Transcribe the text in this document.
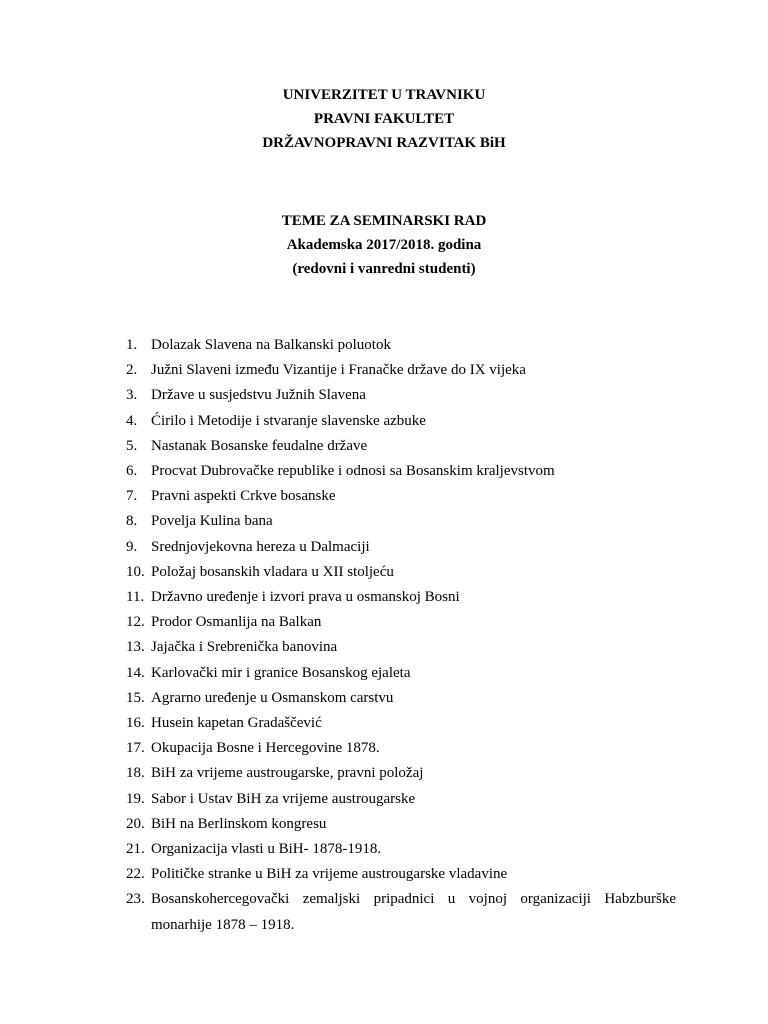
UNIVERZITET U TRAVNIKU
PRAVNI FAKULTET
DRŽAVNOPRAVNI RAZVITAK BiH
TEME ZA SEMINARSKI RAD
Akademska 2017/2018. godina
(redovni i vanredni studenti)
1. Dolazak Slavena na Balkanski poluotok
2. Južni Slaveni između Vizantije i Franačke države do IX vijeka
3. Države u susjedstvu Južnih Slavena
4. Ćirilo i Metodije i stvaranje slavenske azbuke
5. Nastanak Bosanske feudalne države
6. Procvat Dubrovačke republike i odnosi sa Bosanskim kraljevstvom
7. Pravni aspekti Crkve bosanske
8. Povelja Kulina bana
9. Srednjovjekovna hereza u Dalmaciji
10. Položaj bosanskih vladara u XII stoljeću
11. Državno uređenje i izvori prava u osmanskoj Bosni
12. Prodor Osmanlija na Balkan
13. Jajačka i Srebrenička banovina
14. Karlovački mir i granice Bosanskog ejaleta
15. Agrarno uređenje u Osmanskom carstvu
16. Husein kapetan Gradaščević
17. Okupacija Bosne i Hercegovine 1878.
18. BiH za vrijeme austrougarske, pravni položaj
19. Sabor i Ustav BiH za vrijeme austrougarske
20. BiH na Berlinskom kongresu
21. Organizacija vlasti u BiH- 1878-1918.
22. Političke stranke u BiH za vrijeme austrougarske vladavine
23. Bosanskohercegovački zemaljski pripadnici u vojnoj organizaciji Habzburške monarhije 1878 – 1918.
